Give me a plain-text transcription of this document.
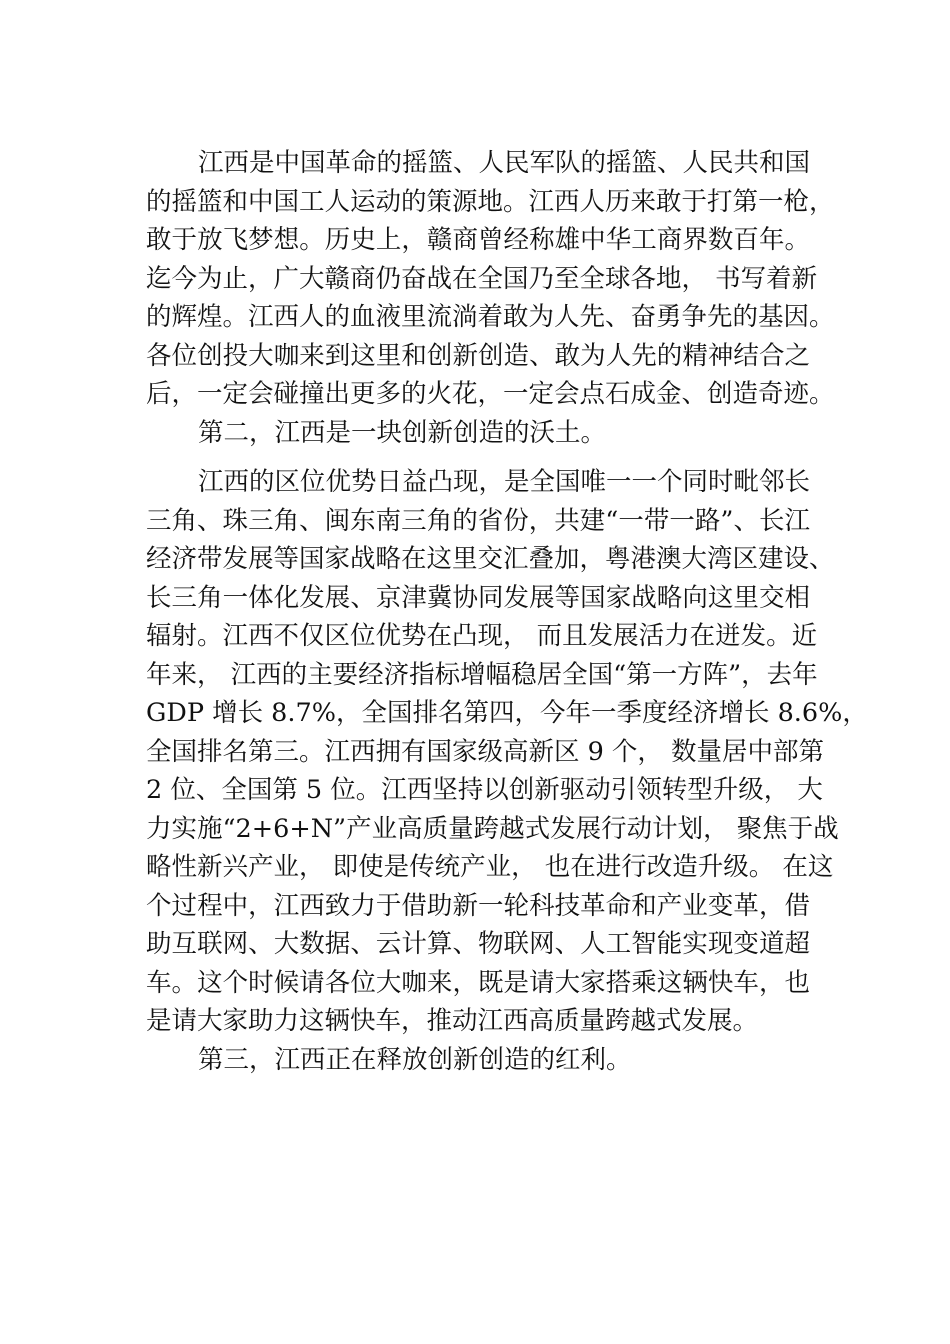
江西是中国革命的摇篮、人民军队的摇篮、人民共和国
的摇篮和中国工人运动的策源地。江西人历来敢于打第一枪，
敢于放飞梦想。历史上，赣商曾经称雄中华工商界数百年。
迄今为止，广大赣商仍奋战在全国乃至全球各地， 书写着新
的辉煌。江西人的血液里流淌着敢为人先、奋勇争先的基因。
各位创投大咖来到这里和创新创造、敢为人先的精神结合之
后，一定会碰撞出更多的火花，一定会点石成金、创造奇迹。
第二，江西是一块创新创造的沃土。
江西的区位优势日益凸现，是全国唯一一个同时毗邻长
三角、珠三角、闽东南三角的省份，共建“一带一路”、长江
经济带发展等国家战略在这里交汇叠加，粤港澳大湾区建设、
长三角一体化发展、京津冀协同发展等国家战略向这里交相
辐射。江西不仅区位优势在凸现， 而且发展活力在迸发。近
年来， 江西的主要经济指标增幅稳居全国“第一方阵”，去年
GDP 增长 8.7%，全国排名第四，今年一季度经济增长 8.6%，
全国排名第三。江西拥有国家级高新区 9 个， 数量居中部第
2 位、全国第 5 位。江西坚持以创新驱动引领转型升级， 大
力实施“2+6+N”产业高质量跨越式发展行动计划， 聚焦于战
略性新兴产业， 即使是传统产业， 也在进行改造升级。 在这
个过程中，江西致力于借助新一轮科技革命和产业变革，借
助互联网、大数据、云计算、物联网、人工智能实现变道超
车。这个时候请各位大咖来，既是请大家搭乘这辆快车，也
是请大家助力这辆快车，推动江西高质量跨越式发展。
第三，江西正在释放创新创造的红利。
